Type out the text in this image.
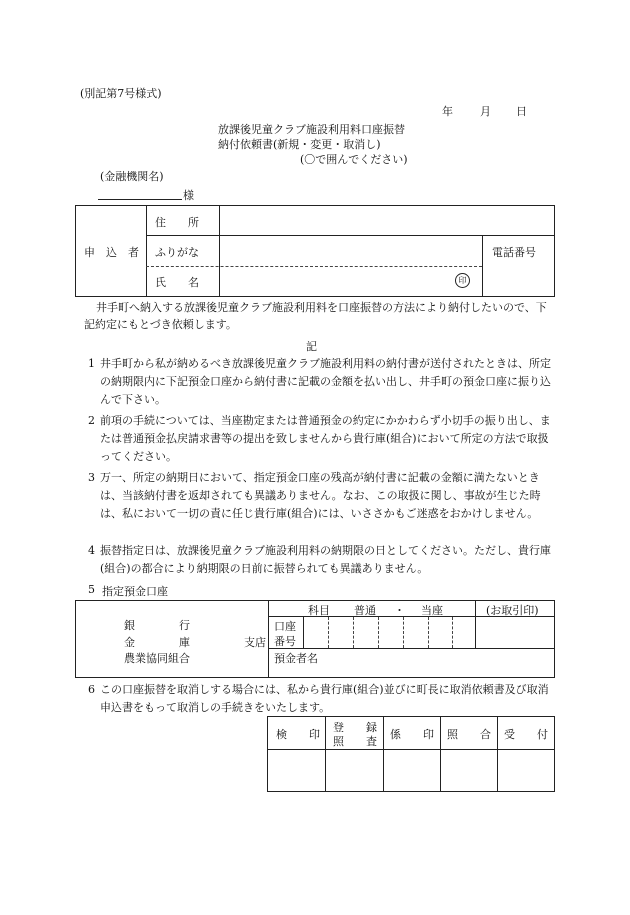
(別記第7号様式)
年 月 日
放課後児童クラブ施設利用料口座振替
納付依頼書(新規・変更・取消し)
(〇で囲んでください)
(金融機関名)
様
申　込　者
住　　所
ふりがな
氏　　名
電話番号
印
井手町へ納入する放課後児童クラブ施設利用料を口座振替の方法により納付したいので、下記約定にもとづき依頼します。
記
1 井手町から私が納めるべき放課後児童クラブ施設利用料の納付書が送付されたときは、所定の納期限内に下記預金口座から納付書に記載の金額を払い出し、井手町の預金口座に振り込んで下さい。
2 前項の手続については、当座勘定または普通預金の約定にかかわらず小切手の振り出し、または普通預金払戻請求書等の提出を致しませんから貴行庫(組合)において所定の方法で取扱ってください。
3 万一、所定の納期日において、指定預金口座の残高が納付書に記載の金額に満たないときは、当該納付書を返却されても異議ありません。なお、この取扱に関し、事故が生じた時は、私において一切の責に任じ貴行庫(組合)には、いささかもご迷惑をおかけしません。
4 振替指定日は、放課後児童クラブ施設利用料の納期限の日としてください。ただし、貴行庫(組合)の都合により納期限の日前に振替られても異議ありません。
5 指定預金口座
銀　　　　行
金　　　　庫	支店
農業協同組合
科目 普通 ・ 当座	(お取引印)
口座
番号
預金者名
6 この口座振替を取消しする場合には、私から貴行庫(組合)並びに町長に取消依頼書及び取消申込書をもって取消しの手続きをいたします。
検　　印
登　　録
照　　査
係　　印 照　　合 受　　付
